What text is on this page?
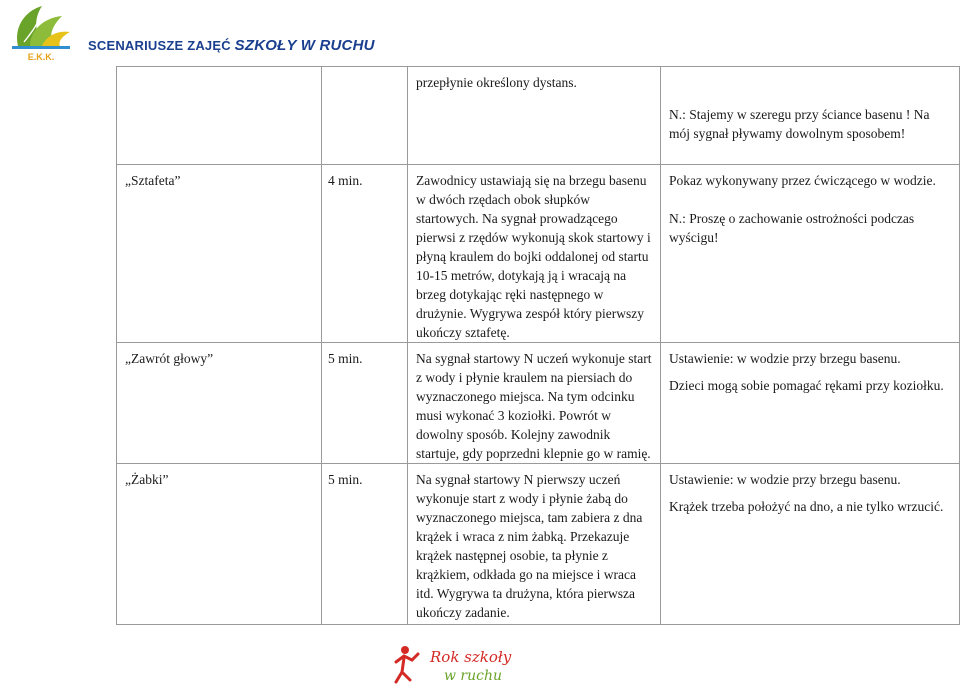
E.K.K.
SCENARIUSZE ZAJĘĆ SZKOŁY W RUCHU

		przepłynie określony dystans.	N.: Stajemy w szeregu przy ściance basenu ! Na mój sygnał pływamy dowolnym sposobem!

„Sztafeta”	4 min.	Zawodnicy ustawiają się na brzegu basenu w dwóch rzędach obok słupków startowych. Na sygnał prowadzącego pierwsi z rzędów wykonują skok startowy i płyną kraulem do bojki oddalonej od startu 10-15 metrów, dotykają ją i wracają na brzeg dotykając ręki następnego w drużynie. Wygrywa zespół który pierwszy ukończy sztafetę.	Pokaz wykonywany przez ćwiczącego w wodzie.

N.: Proszę o zachowanie ostrożności podczas wyścigu!

„Zawrót głowy”	5 min.	Na sygnał startowy N uczeń wykonuje start z wody i płynie kraulem na piersiach do wyznaczonego miejsca. Na tym odcinku musi wykonać 3 koziołki. Powrót w dowolny sposób. Kolejny zawodnik startuje, gdy poprzedni klepnie go w ramię.	Ustawienie: w wodzie przy brzegu basenu.

Dzieci mogą sobie pomagać rękami przy koziołku.

„Żabki”	5 min.	Na sygnał startowy N pierwszy uczeń wykonuje start z wody i płynie żabą do wyznaczonego miejsca, tam zabiera z dna krążek i wraca z nim żabką. Przekazuje krążek następnej osobie, ta płynie z krążkiem, odkłada go na miejsce i wraca itd. Wygrywa ta drużyna, która pierwsza ukończy zadanie.	Ustawienie: w wodzie przy brzegu basenu.

Krążek trzeba położyć na dno, a nie tylko wrzucić.

Rok szkoły
w ruchu
